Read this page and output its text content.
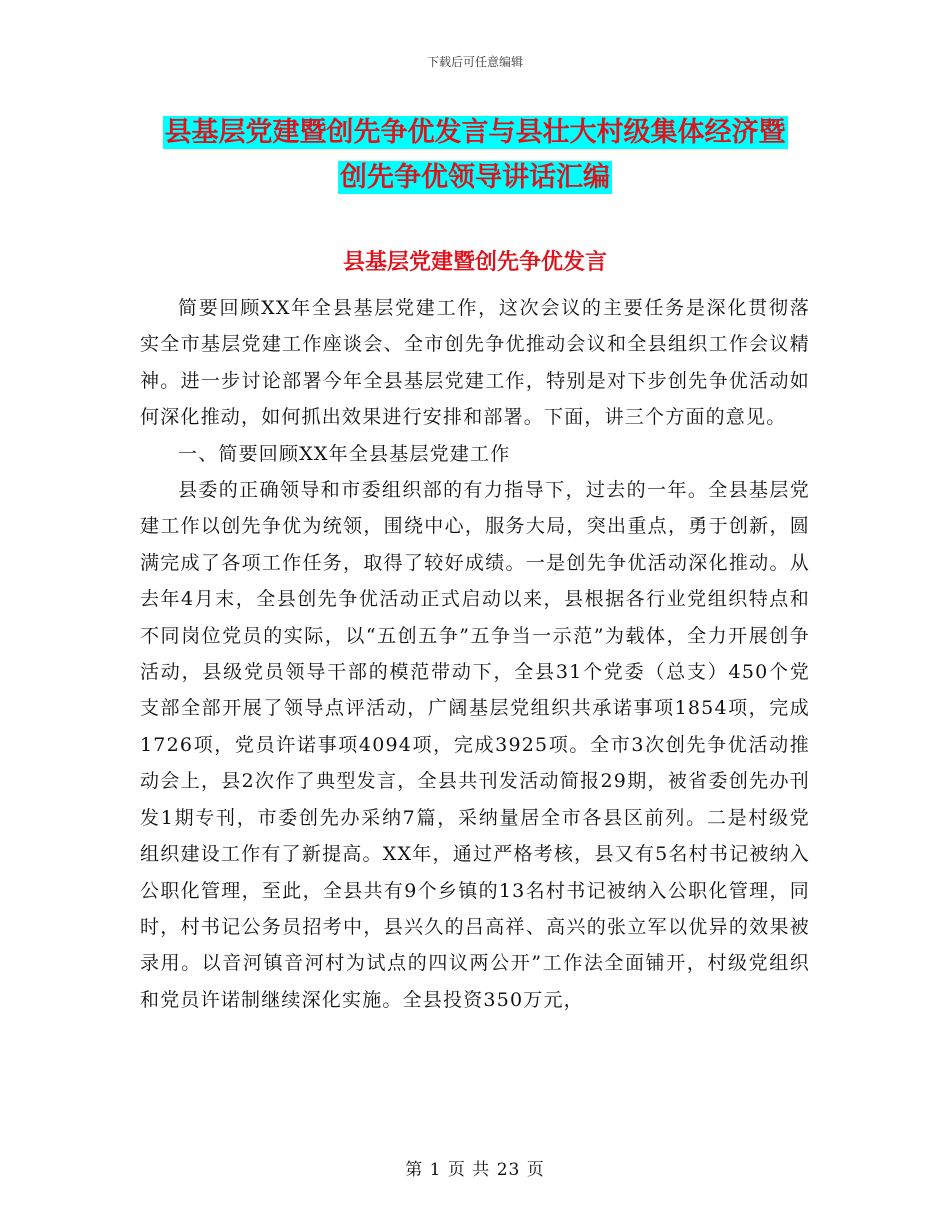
下载后可任意编辑
县基层党建暨创先争优发言与县壮大村级集体经济暨
创先争优领导讲话汇编
县基层党建暨创先争优发言

简要回顾XX年全县基层党建工作，这次会议的主要任务是深化贯彻落实全市基层党建工作座谈会、全市创先争优推动会议和全县组织工作会议精神。进一步讨论部署今年全县基层党建工作，特别是对下步创先争优活动如何深化推动，如何抓出效果进行安排和部署。下面，讲三个方面的意见。

一、简要回顾XX年全县基层党建工作

县委的正确领导和市委组织部的有力指导下，过去的一年。全县基层党建工作以创先争优为统领，围绕中心，服务大局，突出重点，勇于创新，圆满完成了各项工作任务，取得了较好成绩。一是创先争优活动深化推动。从去年4月末，全县创先争优活动正式启动以来，县根据各行业党组织特点和不同岗位党员的实际，以“五创五争”五争当一示范”为载体，全力开展创争活动，县级党员领导干部的模范带动下，全县31个党委（总支）450个党支部全部开展了领导点评活动，广阔基层党组织共承诺事项1854项，完成1726项，党员许诺事项4094项，完成3925项。全市3次创先争优活动推动会上，县2次作了典型发言，全县共刊发活动简报29期，被省委创先办刊发1期专刊，市委创先办采纳7篇，采纳量居全市各县区前列。二是村级党组织建设工作有了新提高。XX年，通过严格考核，县又有5名村书记被纳入公职化管理，至此，全县共有9个乡镇的13名村书记被纳入公职化管理，同时，村书记公务员招考中，县兴久的吕高祥、高兴的张立军以优异的效果被录用。以音河镇音河村为试点的四议两公开”工作法全面铺开，村级党组织和党员许诺制继续深化实施。全县投资350万元，

第 1 页 共 23 页
